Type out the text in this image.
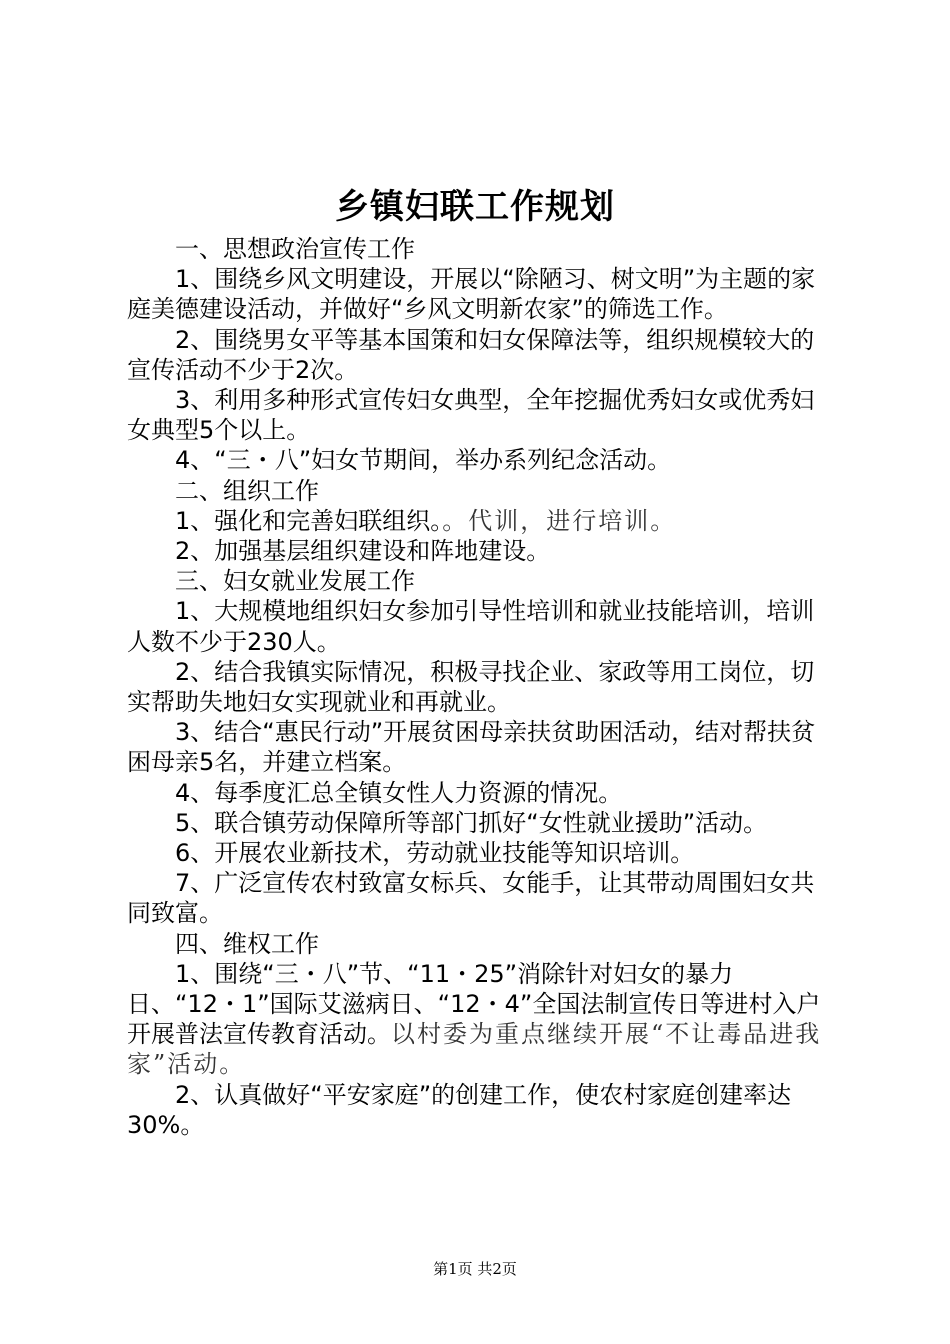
乡镇妇联工作规划

一、思想政治宣传工作

1、围绕乡风文明建设，开展以“除陋习、树文明”为主题的家庭美德建设活动，并做好“乡风文明新农家”的筛选工作。

2、围绕男女平等基本国策和妇女保障法等，组织规模较大的宣传活动不少于2次。

3、利用多种形式宣传妇女典型，全年挖掘优秀妇女或优秀妇女典型5个以上。

4、“三・八”妇女节期间，举办系列纪念活动。

二、组织工作

1、强化和完善妇联组织。。代训，进行培训。

2、加强基层组织建设和阵地建设。

三、妇女就业发展工作

1、大规模地组织妇女参加引导性培训和就业技能培训，培训人数不少于230人。

2、结合我镇实际情况，积极寻找企业、家政等用工岗位，切实帮助失地妇女实现就业和再就业。

3、结合“惠民行动”开展贫困母亲扶贫助困活动，结对帮扶贫困母亲5名，并建立档案。

4、每季度汇总全镇女性人力资源的情况。

5、联合镇劳动保障所等部门抓好“女性就业援助”活动。

6、开展农业新技术，劳动就业技能等知识培训。

7、广泛宣传农村致富女标兵、女能手，让其带动周围妇女共同致富。

四、维权工作

1、围绕“三・八”节、“11・25”消除针对妇女的暴力日、“12・1”国际艾滋病日、“12・4”全国法制宣传日等进村入户开展普法宣传教育活动。以村委为重点继续开展“不让毒品进我家”活动。

2、认真做好“平安家庭”的创建工作，使农村家庭创建率达30%。

第1页 共2页
